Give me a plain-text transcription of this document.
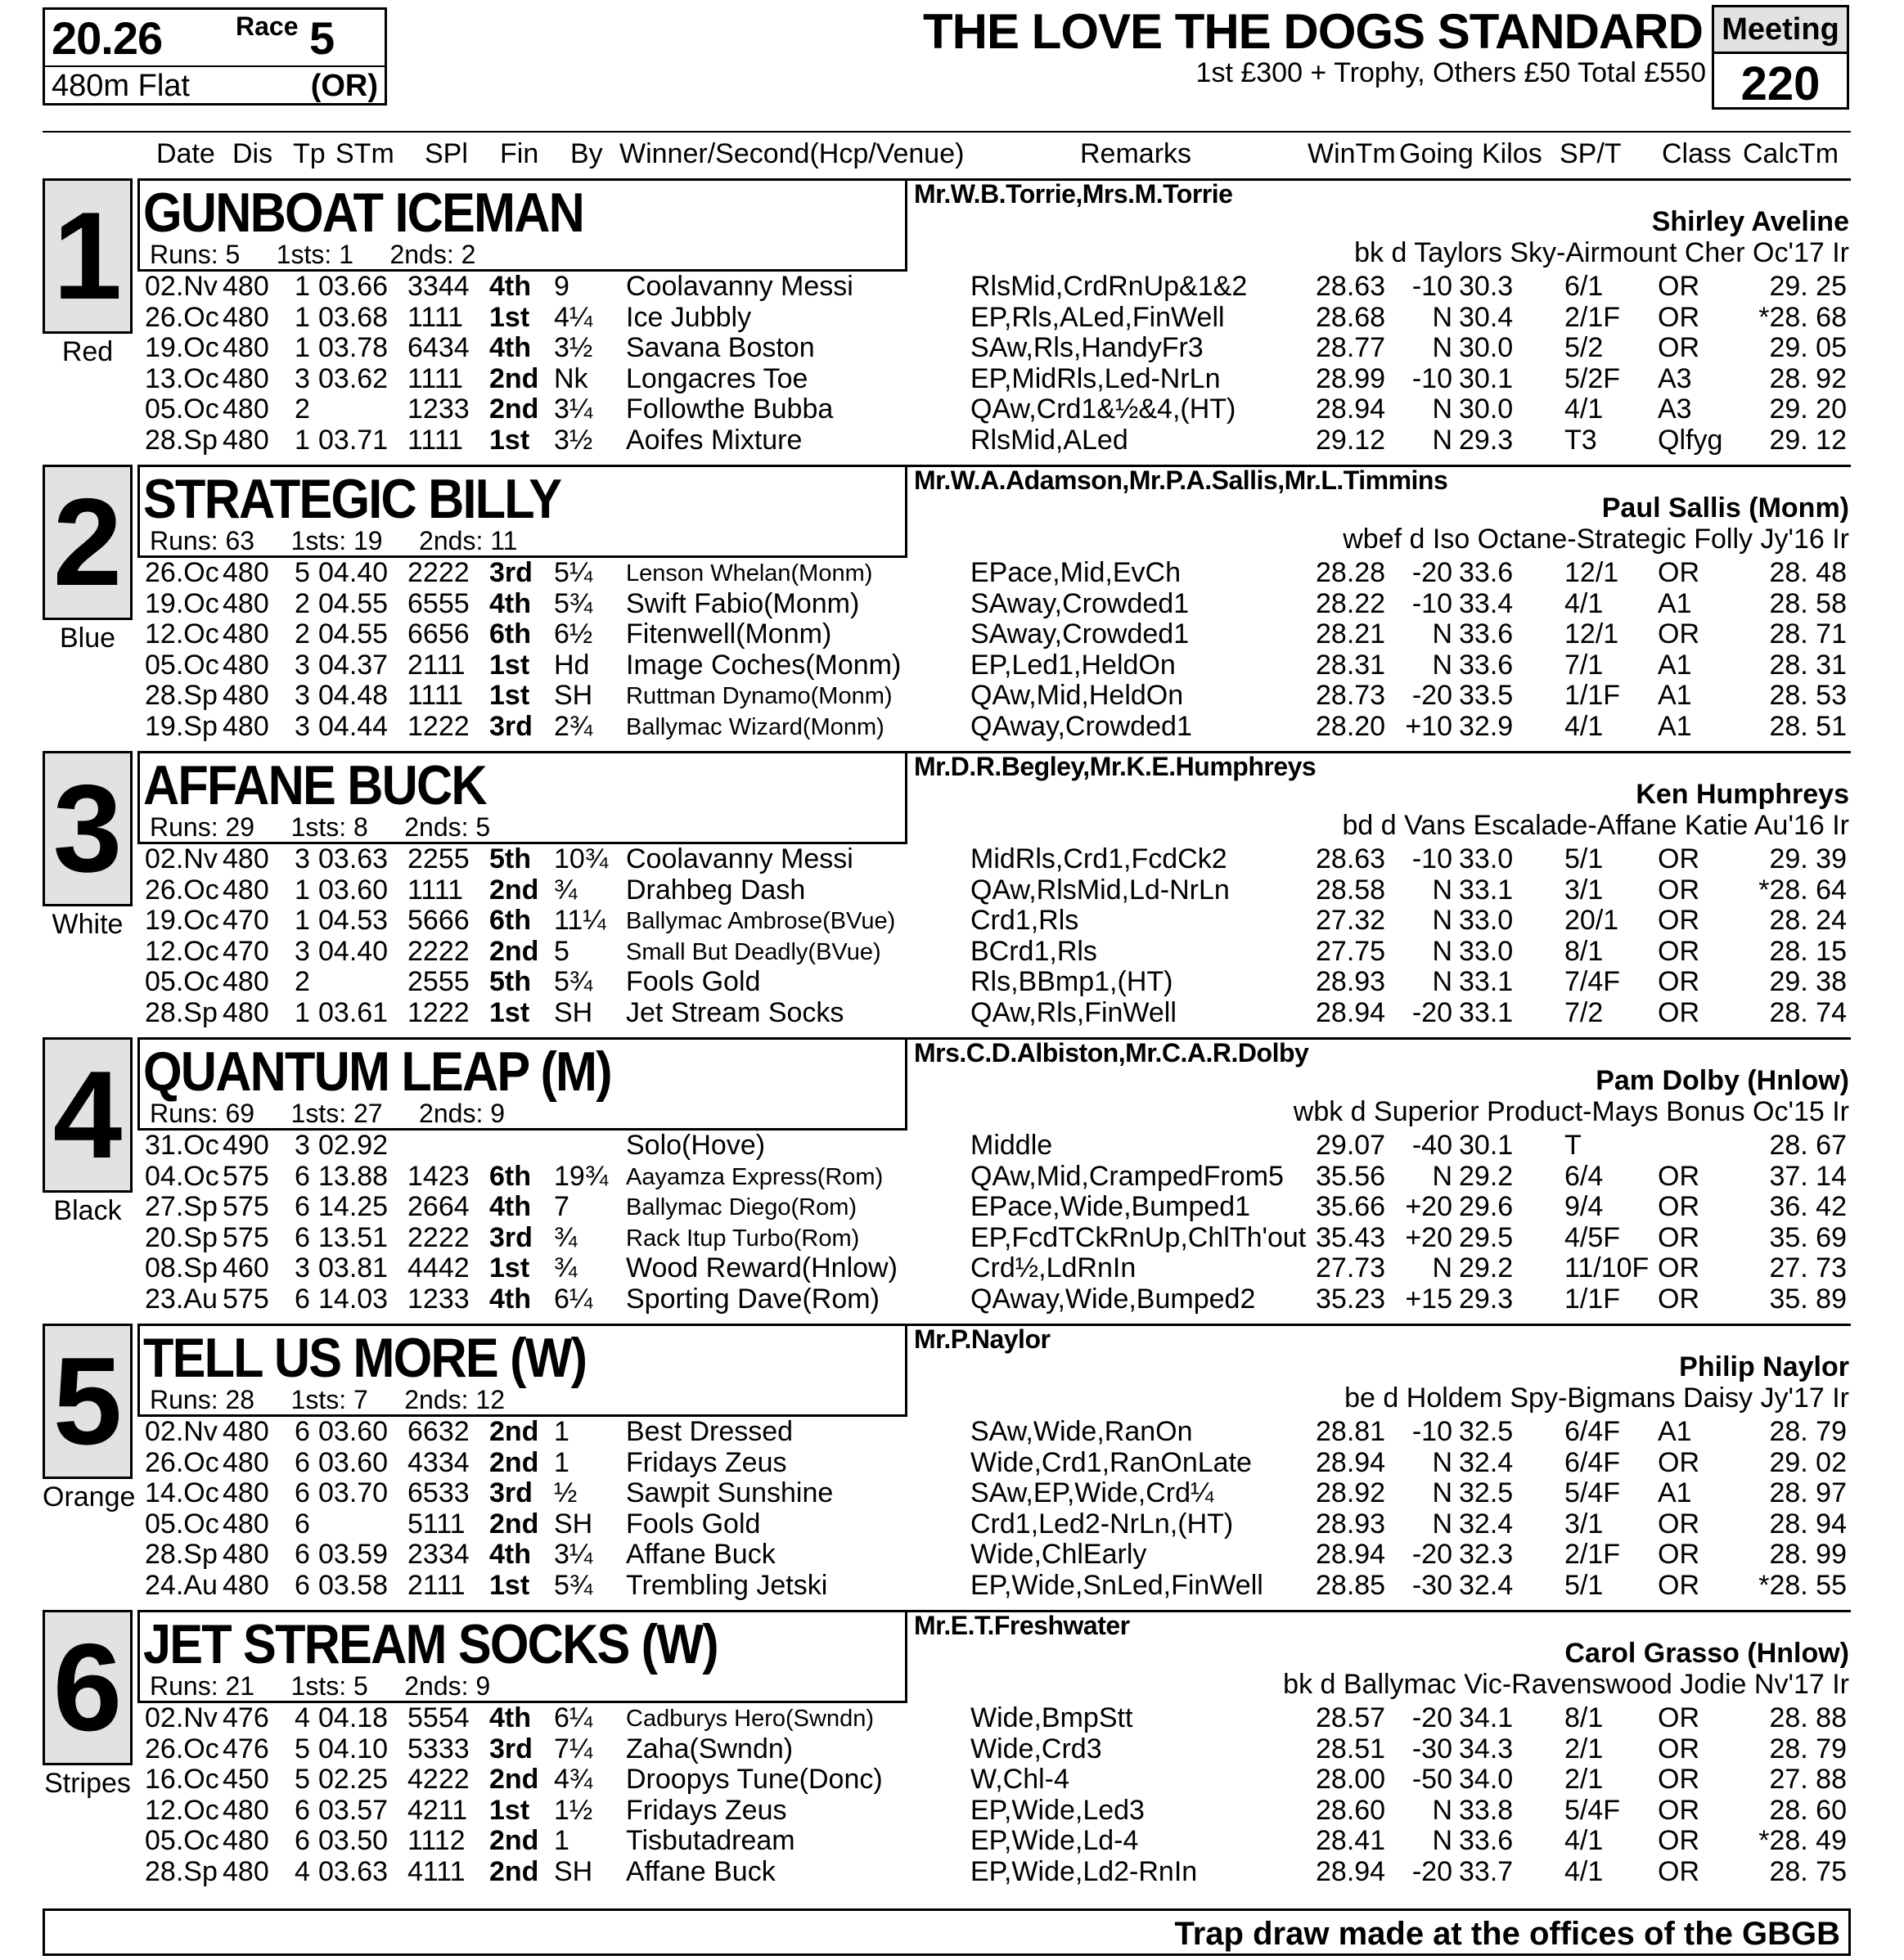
20.26	Race 5
480m Flat	(OR)
THE LOVE THE DOGS STANDARD
1st £300 + Trophy, Others £50 Total £550
Meeting
220
Date Dis Tp STm SPl Fin By Winner/Second(Hcp/Venue)	Remarks	WinTm Going Kilos SP/T Class CalcTm
1
Red
GUNBOAT ICEMAN
Runs: 5     1sts: 1     2nds: 2
Mr.W.B.Torrie,Mrs.M.Torrie
Shirley Aveline
bk d Taylors Sky-Airmount Cher Oc'17 Ir
02.Nv 480 1 03.66 3344 4th 9	Coolavanny Messi	RlsMid,CrdRnUp&1&2	28.63 -10 30.3	6/1	OR	29. 25
26.Oc 480 1 03.68 1111 1st 4¼	Ice Jubbly	EP,Rls,ALed,FinWell	28.68	N 30.4	2/1F	OR	*28. 68
19.Oc 480 1 03.78 6434 4th 3½	Savana Boston	SAw,Rls,HandyFr3	28.77	N 30.0	5/2	OR	29. 05
13.Oc 480 3 03.62 1111 2nd Nk	Longacres Toe	EP,MidRls,Led-NrLn	28.99 -10 30.1	5/2F	A3	28. 92
05.Oc 480 2	1233 2nd 3¼	Followthe Bubba	QAw,Crd1&½&4,(HT)	28.94	N 30.0	4/1	A3	29. 20
28.Sp 480 1 03.71 1111 1st 3½	Aoifes Mixture	RlsMid,ALed	29.12	N 29.3	T3	Qlfyg	29. 12
2
Blue
STRATEGIC BILLY
Runs: 63     1sts: 19     2nds: 11
Mr.W.A.Adamson,Mr.P.A.Sallis,Mr.L.Timmins
Paul Sallis (Monm)
wbef d Iso Octane-Strategic Folly Jy'16 Ir
26.Oc 480 5 04.40 2222 3rd 5¼	Lenson Whelan(Monm)	EPace,Mid,EvCh	28.28 -20 33.6	12/1	OR	28. 48
19.Oc 480 2 04.55 6555 4th 5¾	Swift Fabio(Monm)	SAway,Crowded1	28.22 -10 33.4	4/1	A1	28. 58
12.Oc 480 2 04.55 6656 6th 6½	Fitenwell(Monm)	SAway,Crowded1	28.21	N 33.6	12/1	OR	28. 71
05.Oc 480 3 04.37 2111 1st Hd	Image Coches(Monm)	EP,Led1,HeldOn	28.31	N 33.6	7/1	A1	28. 31
28.Sp 480 3 04.48 1111 1st SH	Ruttman Dynamo(Monm)	QAw,Mid,HeldOn	28.73 -20 33.5	1/1F	A1	28. 53
19.Sp 480 3 04.44 1222 3rd 2¾	Ballymac Wizard(Monm)	QAway,Crowded1	28.20 +10 32.9	4/1	A1	28. 51
3
White
AFFANE BUCK
Runs: 29     1sts: 8     2nds: 5
Mr.D.R.Begley,Mr.K.E.Humphreys
Ken Humphreys
bd d Vans Escalade-Affane Katie Au'16 Ir
02.Nv 480 3 03.63 2255 5th 10¾ Coolavanny Messi	MidRls,Crd1,FcdCk2	28.63 -10 33.0	5/1	OR	29. 39
26.Oc 480 1 03.60 1111 2nd ¾	Drahbeg Dash	QAw,RlsMid,Ld-NrLn	28.58	N 33.1	3/1	OR	*28. 64
19.Oc 470 1 04.53 5666 6th 11¼ Ballymac Ambrose(BVue)	Crd1,Rls	27.32	N 33.0	20/1	OR	28. 24
12.Oc 470 3 04.40 2222 2nd 5	Small But Deadly(BVue)	BCrd1,Rls	27.75	N 33.0	8/1	OR	28. 15
05.Oc 480 2	2555 5th 5¾	Fools Gold	Rls,BBmp1,(HT)	28.93	N 33.1	7/4F	OR	29. 38
28.Sp 480 1 03.61 1222 1st SH	Jet Stream Socks	QAw,Rls,FinWell	28.94 -20 33.1	7/2	OR	28. 74
4
Black
QUANTUM LEAP (M)
Runs: 69     1sts: 27     2nds: 9
Mrs.C.D.Albiston,Mr.C.A.R.Dolby
Pam Dolby (Hnlow)
wbk d Superior Product-Mays Bonus Oc'15 Ir
31.Oc 490 3 02.92	Solo(Hove)	Middle	29.07 -40 30.1	T	28. 67
04.Oc 575 6 13.88 1423 6th 19¾ Aayamza Express(Rom)	QAw,Mid,CrampedFrom5	35.56	N 29.2	6/4	OR	37. 14
27.Sp 575 6 14.25 2664 4th 7	Ballymac Diego(Rom)	EPace,Wide,Bumped1	35.66 +20 29.6	9/4	OR	36. 42
20.Sp 575 6 13.51 2222 3rd ¾	Rack Itup Turbo(Rom)	EP,FcdTCkRnUp,ChlTh'out 35.43 +20 29.5	4/5F	OR	35. 69
08.Sp 460 3 03.81 4442 1st ¾	Wood Reward(Hnlow)	Crd½,LdRnIn	27.73	N 29.2	11/10F OR	27. 73
23.Au 575 6 14.03 1233 4th 6¼	Sporting Dave(Rom)	QAway,Wide,Bumped2	35.23 +15 29.3	1/1F	OR	35. 89
5
Orange
TELL US MORE (W)
Runs: 28     1sts: 7     2nds: 12
Mr.P.Naylor
Philip Naylor
be d Holdem Spy-Bigmans Daisy Jy'17 Ir
02.Nv 480 6 03.60 6632 2nd 1	Best Dressed	SAw,Wide,RanOn	28.81 -10 32.5	6/4F	A1	28. 79
26.Oc 480 6 03.60 4334 2nd 1	Fridays Zeus	Wide,Crd1,RanOnLate	28.94	N 32.4	6/4F	OR	29. 02
14.Oc 480 6 03.70 6533 3rd ½	Sawpit Sunshine	SAw,EP,Wide,Crd¼	28.92	N 32.5	5/4F	A1	28. 97
05.Oc 480 6	5111 2nd SH	Fools Gold	Crd1,Led2-NrLn,(HT)	28.93	N 32.4	3/1	OR	28. 94
28.Sp 480 6 03.59 2334 4th 3¼	Affane Buck	Wide,ChlEarly	28.94 -20 32.3	2/1F	OR	28. 99
24.Au 480 6 03.58 2111 1st 5¾	Trembling Jetski	EP,Wide,SnLed,FinWell	28.85 -30 32.4	5/1	OR	*28. 55
6
Stripes
JET STREAM SOCKS (W)
Runs: 21     1sts: 5     2nds: 9
Mr.E.T.Freshwater
Carol Grasso (Hnlow)
bk d Ballymac Vic-Ravenswood Jodie Nv'17 Ir
02.Nv 476 4 04.18 5554 4th 6¼	Cadburys Hero(Swndn)	Wide,BmpStt	28.57 -20 34.1	8/1	OR	28. 88
26.Oc 476 5 04.10 5333 3rd 7¼	Zaha(Swndn)	Wide,Crd3	28.51 -30 34.3	2/1	OR	28. 79
16.Oc 450 5 02.25 4222 2nd 4¾	Droopys Tune(Donc)	W,Chl-4	28.00 -50 34.0	2/1	OR	27. 88
12.Oc 480 6 03.57 4211 1st 1½	Fridays Zeus	EP,Wide,Led3	28.60	N 33.8	5/4F	OR	28. 60
05.Oc 480 6 03.50 1112 2nd 1	Tisbutadream	EP,Wide,Ld-4	28.41	N 33.6	4/1	OR	*28. 49
28.Sp 480 4 03.63 4111 2nd SH	Affane Buck	EP,Wide,Ld2-RnIn	28.94 -20 33.7	4/1	OR	28. 75
Trap draw made at the offices of the GBGB
